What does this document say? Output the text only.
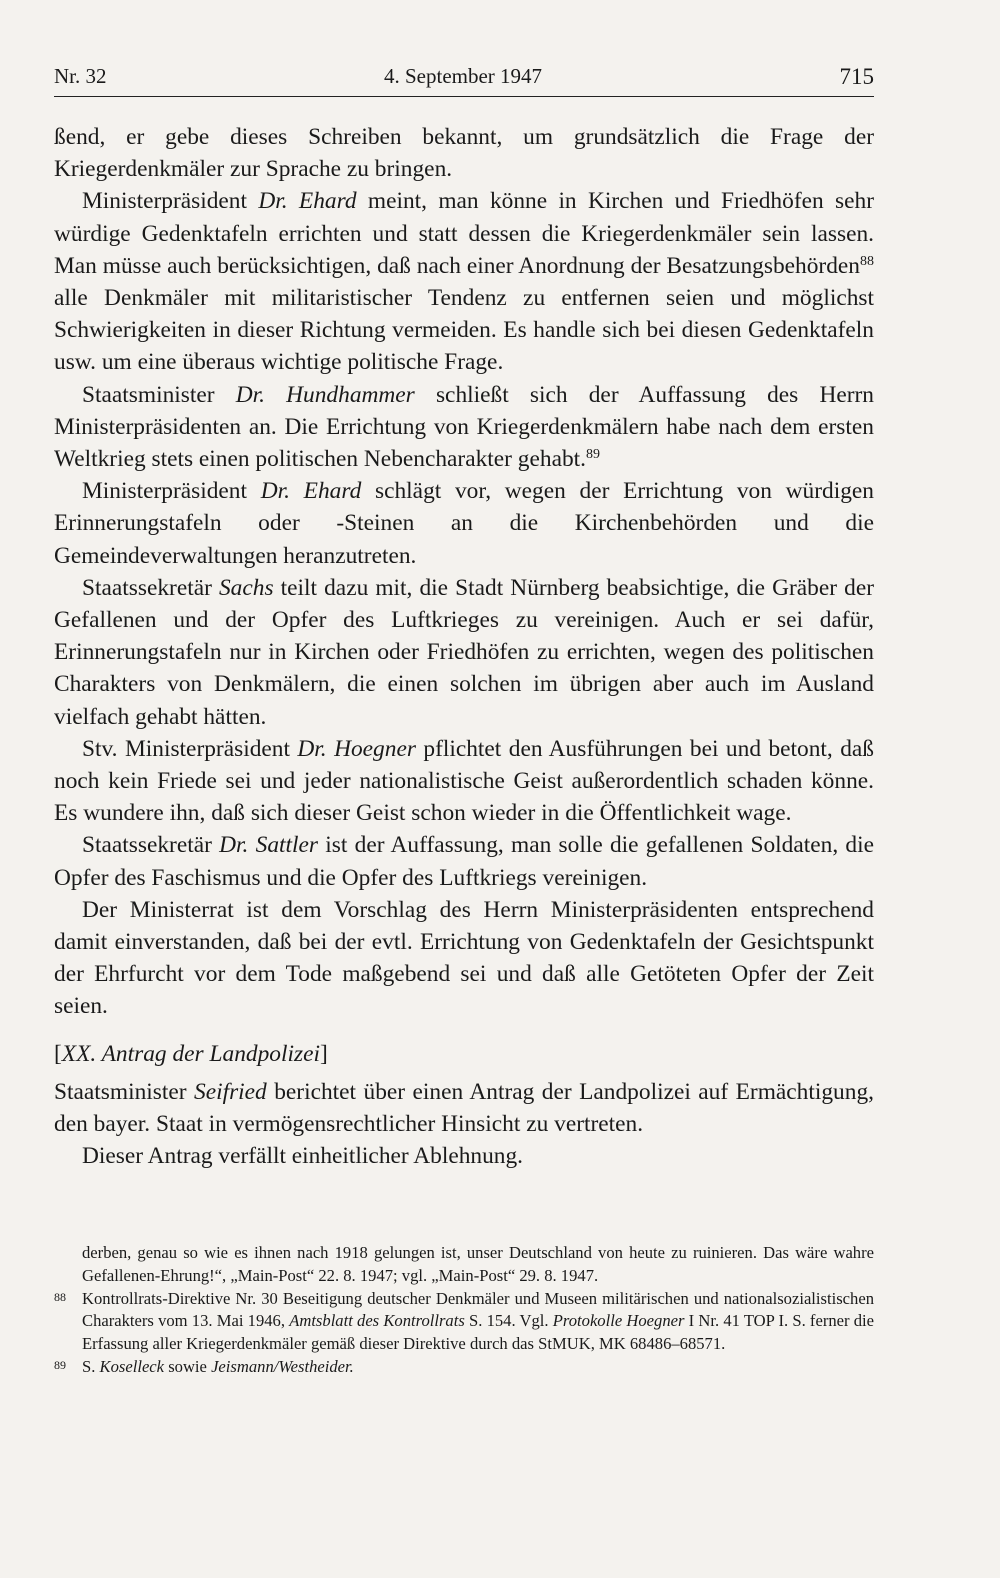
Nr. 32	4. September 1947	715

ßend, er gebe dieses Schreiben bekannt, um grundsätzlich die Frage der Kriegerdenkmäler zur Sprache zu bringen.

Ministerpräsident Dr. Ehard meint, man könne in Kirchen und Friedhöfen sehr würdige Gedenktafeln errichten und statt dessen die Kriegerdenkmäler sein lassen. Man müsse auch berücksichtigen, daß nach einer Anordnung der Besatzungsbehörden$^{88}$ alle Denkmäler mit militaristischer Tendenz zu entfernen seien und möglichst Schwierigkeiten in dieser Richtung vermeiden. Es handle sich bei diesen Gedenktafeln usw. um eine überaus wichtige politische Frage.

Staatsminister Dr. Hundhammer schließt sich der Auffassung des Herrn Ministerpräsidenten an. Die Errichtung von Kriegerdenkmälern habe nach dem ersten Weltkrieg stets einen politischen Nebencharakter gehabt.$^{89}$

Ministerpräsident Dr. Ehard schlägt vor, wegen der Errichtung von würdigen Erinnerungstafeln oder -Steinen an die Kirchenbehörden und die Gemeindeverwaltungen heranzutreten.

Staatssekretär Sachs teilt dazu mit, die Stadt Nürnberg beabsichtige, die Gräber der Gefallenen und der Opfer des Luftkrieges zu vereinigen. Auch er sei dafür, Erinnerungstafeln nur in Kirchen oder Friedhöfen zu errichten, wegen des politischen Charakters von Denkmälern, die einen solchen im übrigen aber auch im Ausland vielfach gehabt hätten.

Stv. Ministerpräsident Dr. Hoegner pflichtet den Ausführungen bei und betont, daß noch kein Friede sei und jeder nationalistische Geist außerordentlich schaden könne. Es wundere ihn, daß sich dieser Geist schon wieder in die Öffentlichkeit wage.

Staatssekretär Dr. Sattler ist der Auffassung, man solle die gefallenen Soldaten, die Opfer des Faschismus und die Opfer des Luftkriegs vereinigen.

Der Ministerrat ist dem Vorschlag des Herrn Ministerpräsidenten entsprechend damit einverstanden, daß bei der evtl. Errichtung von Gedenktafeln der Gesichtspunkt der Ehrfurcht vor dem Tode maßgebend sei und daß alle Getöteten Opfer der Zeit seien.

[XX. Antrag der Landpolizei]

Staatsminister Seifried berichtet über einen Antrag der Landpolizei auf Ermächtigung, den bayer. Staat in vermögensrechtlicher Hinsicht zu vertreten.

Dieser Antrag verfällt einheitlicher Ablehnung.

derben, genau so wie es ihnen nach 1918 gelungen ist, unser Deutschland von heute zu ruinieren. Das wäre wahre Gefallenen-Ehrung!“, „Main-Post“ 22. 8. 1947; vgl. „Main-Post“ 29. 8. 1947.

88 Kontrollrats-Direktive Nr. 30 Beseitigung deutscher Denkmäler und Museen militärischen und nationalsozialistischen Charakters vom 13. Mai 1946, Amtsblatt des Kontrollrats S. 154. Vgl. Protokolle Hoegner I Nr. 41 TOP I. S. ferner die Erfassung aller Kriegerdenkmäler gemäß dieser Direktive durch das StMUK, MK 68486–68571.

89 S. Koselleck sowie Jeismann/Westheider.
